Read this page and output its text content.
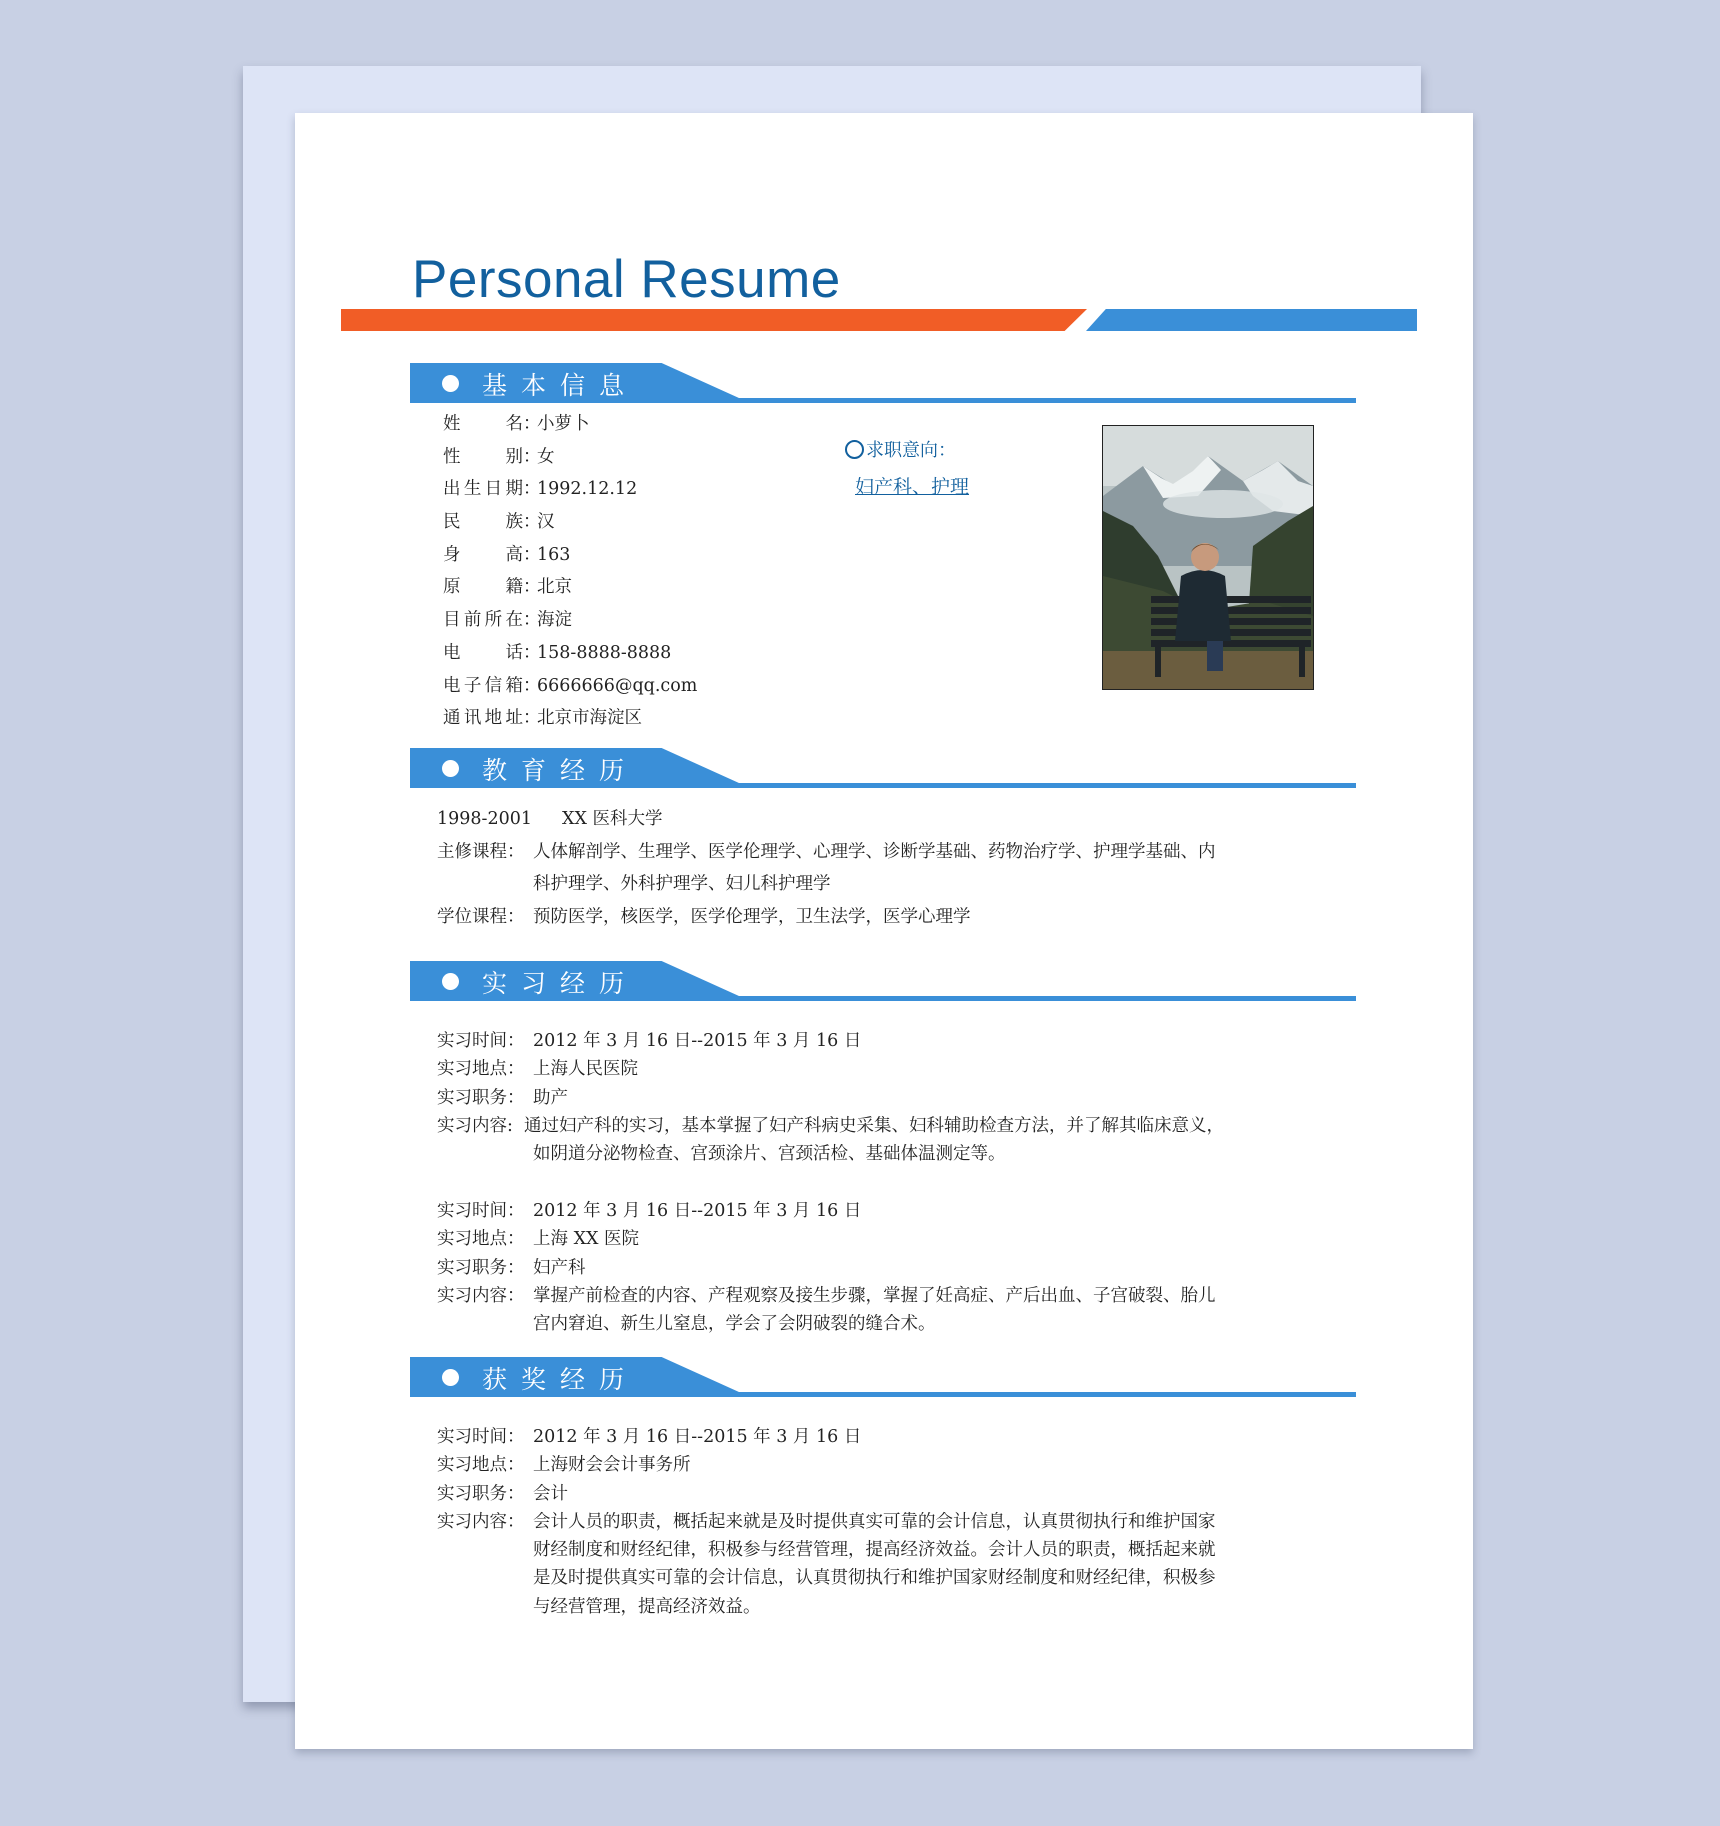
Personal Resume
基本信息
姓名：小萝卜
性别：女
出生日期：1992.12.12
民族：汉
身高：163
原籍：北京
目前所在：海淀
电话：158-8888-8888
电子信箱：6666666@qq.com
通讯地址：北京市海淀区
求职意向：
妇产科、护理
教育经历
1998-2001 XX 医科大学
主修课程： 人体解剖学、生理学、医学伦理学、心理学、诊断学基础、药物治疗学、护理学基础、内
科护理学、外科护理学、妇儿科护理学
学位课程： 预防医学，核医学，医学伦理学，卫生法学，医学心理学
实习经历
实习时间： 2012 年 3 月 16 日--2015 年 3 月 16 日
实习地点： 上海人民医院
实习职务： 助产
实习内容: 通过妇产科的实习，基本掌握了妇产科病史采集、妇科辅助检查方法，并了解其临床意义，
如阴道分泌物检查、宫颈涂片、宫颈活检、基础体温测定等。
实习时间： 2012 年 3 月 16 日--2015 年 3 月 16 日
实习地点： 上海 XX 医院
实习职务： 妇产科
实习内容： 掌握产前检查的内容、产程观察及接生步骤，掌握了妊高症、产后出血、子宫破裂、胎儿
宫内窘迫、新生儿窒息，学会了会阴破裂的缝合术。
获奖经历
实习时间： 2012 年 3 月 16 日--2015 年 3 月 16 日
实习地点： 上海财会会计事务所
实习职务： 会计
实习内容： 会计人员的职责，概括起来就是及时提供真实可靠的会计信息，认真贯彻执行和维护国家
财经制度和财经纪律，积极参与经营管理，提高经济效益。会计人员的职责，概括起来就
是及时提供真实可靠的会计信息，认真贯彻执行和维护国家财经制度和财经纪律，积极参
与经营管理，提高经济效益。
